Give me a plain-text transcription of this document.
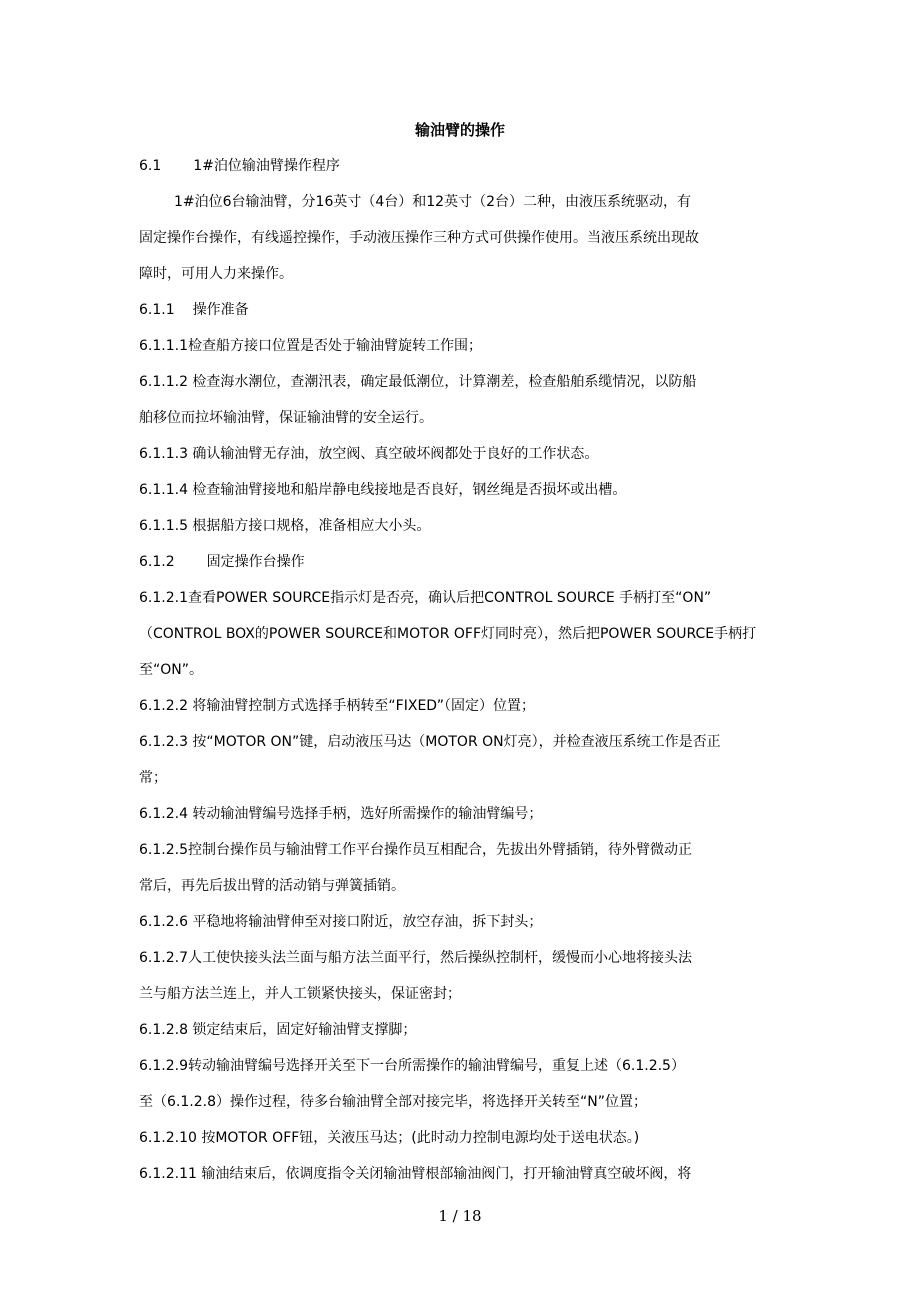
输油臂的操作
6.1 1#泊位输油臂操作程序
1#泊位6台输油臂，分16英寸（4台）和12英寸（2台）二种，由液压系统驱动，有
固定操作台操作，有线遥控操作，手动液压操作三种方式可供操作使用。当液压系统出现故
障时，可用人力来操作。
6.1.1 操作准备
6.1.1.1检查船方接口位置是否处于输油臂旋转工作围；
6.1.1.2 检查海水潮位，查潮汛表，确定最低潮位，计算潮差，检查船舶系缆情况，以防船
舶移位而拉坏输油臂，保证输油臂的安全运行。
6.1.1.3 确认输油臂无存油，放空阀、真空破坏阀都处于良好的工作状态。
6.1.1.4 检查输油臂接地和船岸静电线接地是否良好，钢丝绳是否损坏或出槽。
6.1.1.5 根据船方接口规格，准备相应大小头。
6.1.2 固定操作台操作
6.1.2.1查看POWER SOURCE指示灯是否亮，确认后把CONTROL SOURCE 手柄打至“ON”
（CONTROL BOX的POWER SOURCE和MOTOR OFF灯同时亮），然后把POWER SOURCE手柄打
至“ON”。
6.1.2.2 将输油臂控制方式选择手柄转至“FIXED”（固定）位置；
6.1.2.3 按“MOTOR ON”键，启动液压马达（MOTOR ON灯亮），并检查液压系统工作是否正
常；
6.1.2.4 转动输油臂编号选择手柄，选好所需操作的输油臂编号；
6.1.2.5控制台操作员与输油臂工作平台操作员互相配合，先拔出外臂插销，待外臂微动正
常后，再先后拔出臂的活动销与弹簧插销。
6.1.2.6 平稳地将输油臂伸至对接口附近，放空存油，拆下封头；
6.1.2.7人工使快接头法兰面与船方法兰面平行，然后操纵控制杆，缓慢而小心地将接头法
兰与船方法兰连上，并人工锁紧快接头，保证密封；
6.1.2.8 锁定结束后，固定好输油臂支撑脚；
6.1.2.9转动输油臂编号选择开关至下一台所需操作的输油臂编号，重复上述（6.1.2.5）
至（6.1.2.8）操作过程，待多台输油臂全部对接完毕，将选择开关转至“N”位置；
6.1.2.10 按MOTOR OFF钮，关液压马达；(此时动力控制电源均处于送电状态。)
6.1.2.11 输油结束后，依调度指令关闭输油臂根部输油阀门，打开输油臂真空破坏阀，将
1 / 18
